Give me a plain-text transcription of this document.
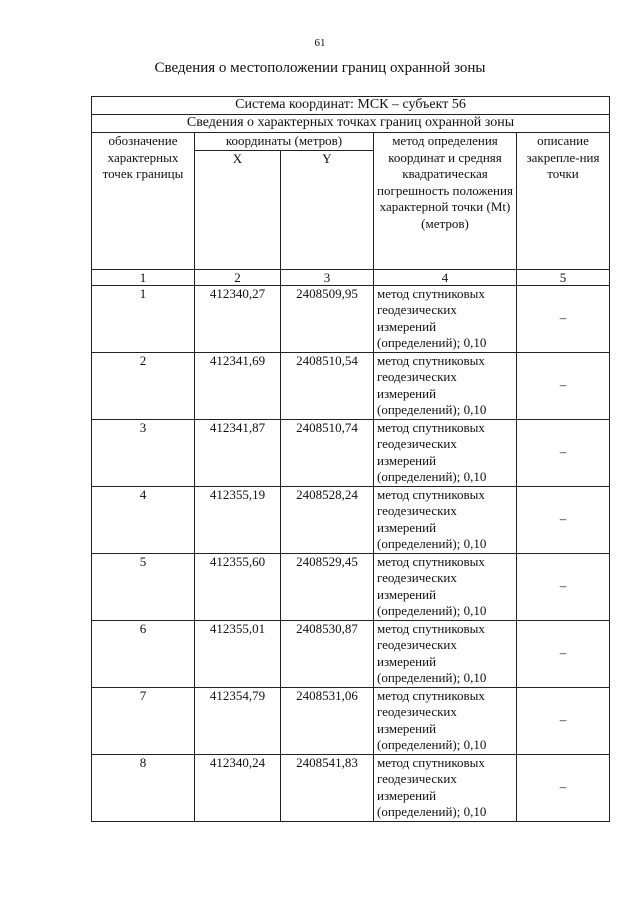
61
Сведения о местоположении границ охранной зоны
Система координат: МСК – субъект 56				
Сведения о характерных точках границ охранной зоны				
обозначение характерных точек границы	координаты (метров)		метод определения координат и средняя квадратическая погрешность положения характерной точки (Mt) (метров)	описание закрепле-ния точки
	X	Y		
1	2	3	4	5
1	412340,27	2408509,95	метод спутниковых геодезических измерений (определений); 0,10	–
2	412341,69	2408510,54	метод спутниковых геодезических измерений (определений); 0,10	–
3	412341,87	2408510,74	метод спутниковых геодезических измерений (определений); 0,10	–
4	412355,19	2408528,24	метод спутниковых геодезических измерений (определений); 0,10	–
5	412355,60	2408529,45	метод спутниковых геодезических измерений (определений); 0,10	–
6	412355,01	2408530,87	метод спутниковых геодезических измерений (определений); 0,10	–
7	412354,79	2408531,06	метод спутниковых геодезических измерений (определений); 0,10	–
8	412340,24	2408541,83	метод спутниковых геодезических измерений (определений); 0,10	–
